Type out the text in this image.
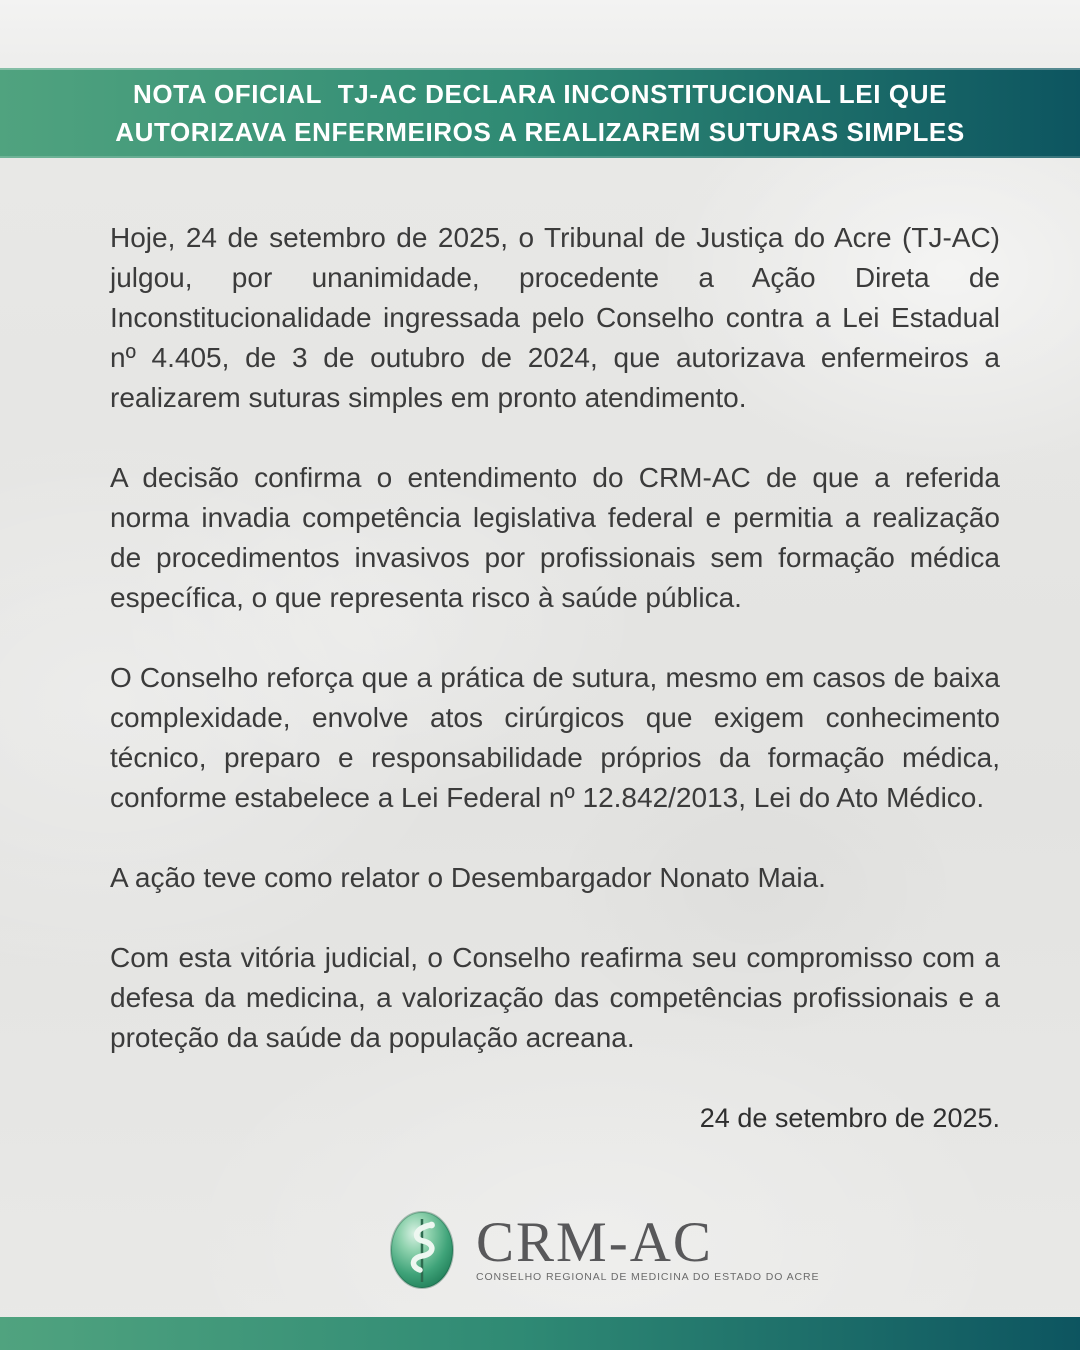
NOTA OFICIAL  TJ-AC DECLARA INCONSTITUCIONAL LEI QUE
AUTORIZAVA ENFERMEIROS A REALIZAREM SUTURAS SIMPLES

Hoje, 24 de setembro de 2025, o Tribunal de Justiça do Acre (TJ-AC) julgou, por unanimidade, procedente a Ação Direta de Inconstitucionalidade ingressada pelo Conselho contra a Lei Estadual nº 4.405, de 3 de outubro de 2024, que autorizava enfermeiros a realizarem suturas simples em pronto atendimento.

A decisão confirma o entendimento do CRM-AC de que a referida norma invadia competência legislativa federal e permitia a realização de procedimentos invasivos por profissionais sem formação médica específica, o que representa risco à saúde pública.

O Conselho reforça que a prática de sutura, mesmo em casos de baixa complexidade, envolve atos cirúrgicos que exigem conhecimento técnico, preparo e responsabilidade próprios da formação médica, conforme estabelece a Lei Federal nº 12.842/2013, Lei do Ato Médico.

A ação teve como relator o Desembargador Nonato Maia.

Com esta vitória judicial, o Conselho reafirma seu compromisso com a defesa da medicina, a valorização das competências profissionais e a proteção da saúde da população acreana.

24 de setembro de 2025.
CRM-AC
CONSELHO REGIONAL DE MEDICINA DO ESTADO DO ACRE
